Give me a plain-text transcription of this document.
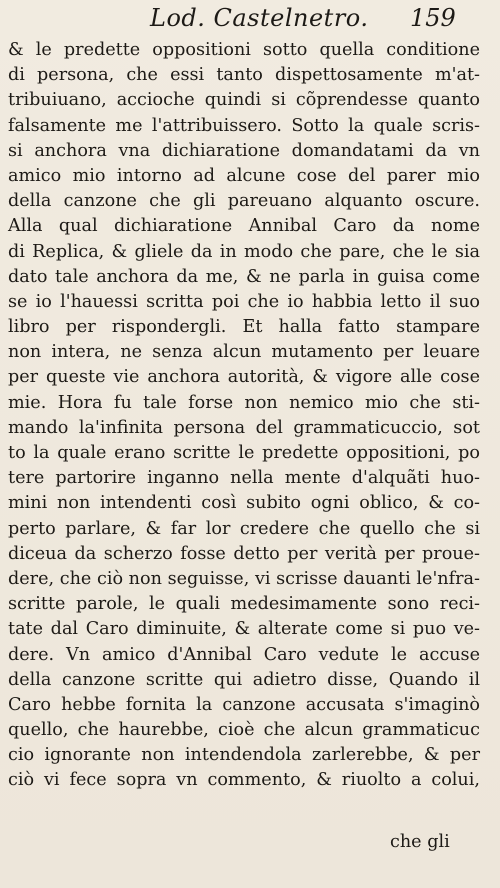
Lod. Castelnetro. 159
& le predette oppositioni sotto quella conditione
di persona, che essi tanto dispettosamente m'at-
tribuiuano, accioche quindi si cõprendesse quanto
falsamente me l'attribuissero. Sotto la quale scris-
si anchora vna dichiaratione domandatami da vn
amico mio intorno ad alcune cose del parer mio
della canzone che gli pareuano alquanto oscure.
Alla qual dichiaratione Annibal Caro da nome
di Replica, & gliele da in modo che pare, che le sia
dato tale anchora da me, & ne parla in guisa come
se io l'hauessi scritta poi che io habbia letto il suo
libro per rispondergli. Et halla fatto stampare
non intera, ne senza alcun mutamento per leuare
per queste vie anchora autorità, & vigore alle cose
mie. Hora fu tale forse non nemico mio che sti-
mando la'infinita persona del grammaticuccio, sot
to la quale erano scritte le predette oppositioni, po
tere partorire inganno nella mente d'alquãti huo-
mini non intendenti così subito ogni oblico, & co-
perto parlare, & far lor credere che quello che si
diceua da scherzo fosse detto per verità per proue-
dere, che ciò non seguisse, vi scrisse dauanti le'nfra-
scritte parole, le quali medesimamente sono reci-
tate dal Caro diminuite, & alterate come si puo ve-
dere. Vn amico d'Annibal Caro vedute le accuse
della canzone scritte qui adietro disse, Quando il
Caro hebbe fornita la canzone accusata s'imaginò
quello, che haurebbe, cioè che alcun grammaticuc
cio ignorante non intendendola zarlerebbe, & per
ciò vi fece sopra vn commento, & riuolto a colui,
che gli
